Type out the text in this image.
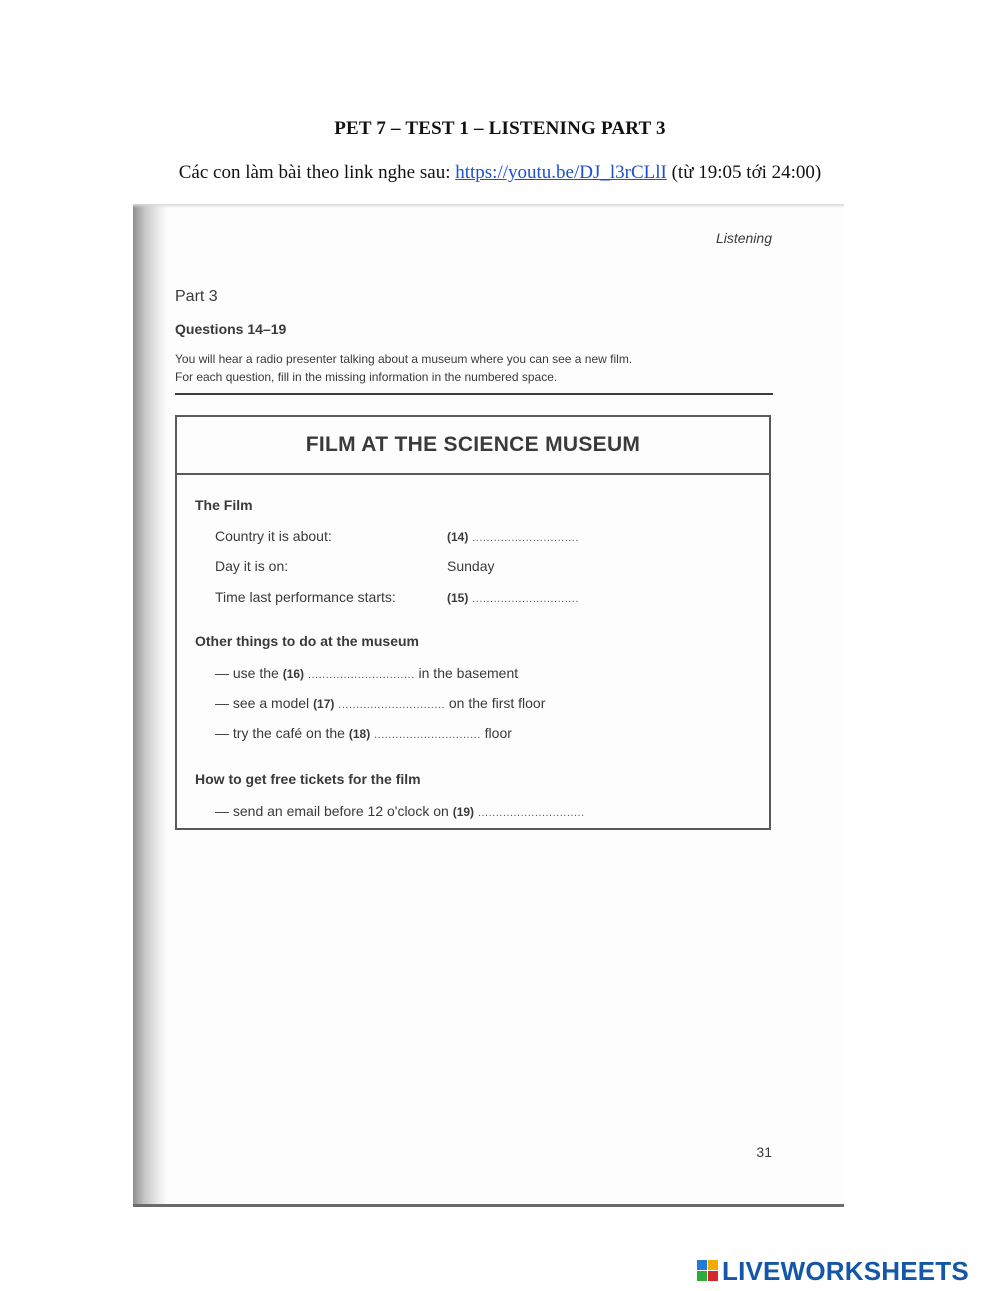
PET 7 – TEST 1 – LISTENING PART 3
Các con làm bài theo link nghe sau: https://youtu.be/DJ_l3rCLlI (từ 19:05 tới 24:00)
Listening
Part 3
Questions 14–19
You will hear a radio presenter talking about a museum where you can see a new film.
For each question, fill in the missing information in the numbered space.
FILM AT THE SCIENCE MUSEUM
The Film
Country it is about:	(14) ..............................
Day it is on:	Sunday
Time last performance starts:	(15) ..............................
Other things to do at the museum
— use the (16) .............................. in the basement
— see a model (17) .............................. on the first floor
— try the café on the (18) .............................. floor
How to get free tickets for the film
— send an email before 12 o'clock on (19) ..............................
31
LIVEWORKSHEETS
